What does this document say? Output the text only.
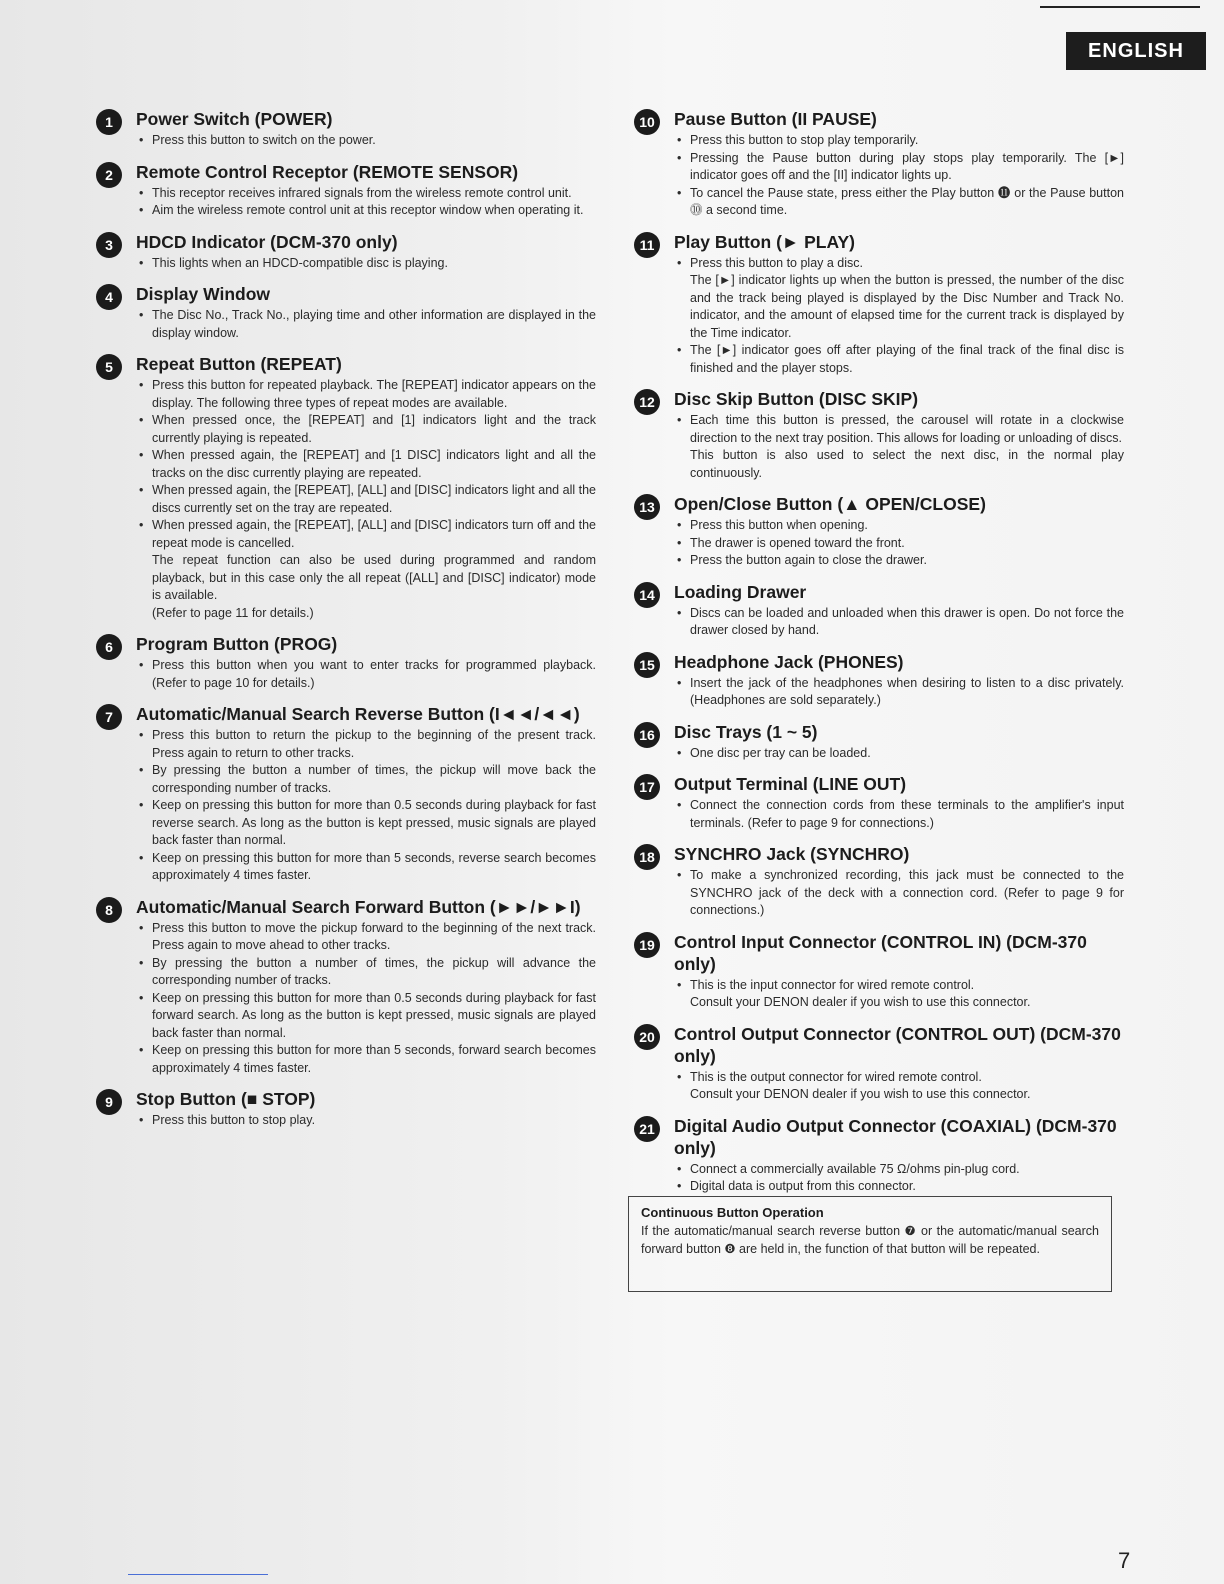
ENGLISH
1	Power Switch (POWER)
• Press this button to switch on the power.
2	Remote Control Receptor (REMOTE SENSOR)
• This receptor receives infrared signals from the wireless remote control unit.
• Aim the wireless remote control unit at this receptor window when operating it.
3	HDCD Indicator (DCM-370 only)
• This lights when an HDCD-compatible disc is playing.
4	Display Window
• The Disc No., Track No., playing time and other information are displayed in the display window.
5	Repeat Button (REPEAT)
• Press this button for repeated playback. The [REPEAT] indicator appears on the display. The following three types of repeat modes are available.
• When pressed once, the [REPEAT] and [1] indicators light and the track currently playing is repeated.
• When pressed again, the [REPEAT] and [1 DISC] indicators light and all the tracks on the disc currently playing are repeated.
• When pressed again, the [REPEAT], [ALL] and [DISC] indicators light and all the discs currently set on the tray are repeated.
• When pressed again, the [REPEAT], [ALL] and [DISC] indicators turn off and the repeat mode is cancelled.
The repeat function can also be used during programmed and random playback, but in this case only the all repeat ([ALL] and [DISC] indicator) mode is available.
(Refer to page 11 for details.)
6	Program Button (PROG)
• Press this button when you want to enter tracks for programmed playback. (Refer to page 10 for details.)
7	Automatic/Manual Search Reverse Button (I◄◄/◄◄)
• Press this button to return the pickup to the beginning of the present track. Press again to return to other tracks.
• By pressing the button a number of times, the pickup will move back the corresponding number of tracks.
• Keep on pressing this button for more than 0.5 seconds during playback for fast reverse search. As long as the button is kept pressed, music signals are played back faster than normal.
• Keep on pressing this button for more than 5 seconds, reverse search becomes approximately 4 times faster.
8	Automatic/Manual Search Forward Button (►►/►►I)
• Press this button to move the pickup forward to the beginning of the next track. Press again to move ahead to other tracks.
• By pressing the button a number of times, the pickup will advance the corresponding number of tracks.
• Keep on pressing this button for more than 0.5 seconds during playback for fast forward search. As long as the button is kept pressed, music signals are played back faster than normal.
• Keep on pressing this button for more than 5 seconds, forward search becomes approximately 4 times faster.
9	Stop Button (■ STOP)
• Press this button to stop play.
10 Pause Button (II PAUSE)
• Press this button to stop play temporarily.
• Pressing the Pause button during play stops play temporarily. The [►] indicator goes off and the [II] indicator lights up.
• To cancel the Pause state, press either the Play button ⓫ or the Pause button ⓾ a second time.
11	Play Button (► PLAY)
• Press this button to play a disc.
The [►] indicator lights up when the button is pressed, the number of the disc and the track being played is displayed by the Disc Number and Track No. indicator, and the amount of elapsed time for the current track is displayed by the Time indicator.
• The [►] indicator goes off after playing of the final track of the final disc is finished and the player stops.
12 Disc Skip Button (DISC SKIP)
• Each time this button is pressed, the carousel will rotate in a clockwise direction to the next tray position. This allows for loading or unloading of discs.
This button is also used to select the next disc, in the normal play continuously.
13 Open/Close Button (▲ OPEN/CLOSE)
• Press this button when opening.
• The drawer is opened toward the front.
• Press the button again to close the drawer.
14 Loading Drawer
• Discs can be loaded and unloaded when this drawer is open. Do not force the drawer closed by hand.
15 Headphone Jack (PHONES)
• Insert the jack of the headphones when desiring to listen to a disc privately. (Headphones are sold separately.)
16 Disc Trays (1 ~ 5)
• One disc per tray can be loaded.
17 Output Terminal (LINE OUT)
• Connect the connection cords from these terminals to the amplifier's input terminals. (Refer to page 9 for connections.)
18 SYNCHRO Jack (SYNCHRO)
• To make a synchronized recording, this jack must be connected to the SYNCHRO jack of the deck with a connection cord. (Refer to page 9 for connections.)
19 Control Input Connector (CONTROL IN) (DCM-370 only)
• This is the input connector for wired remote control.
Consult your DENON dealer if you wish to use this connector.
20 Control Output Connector (CONTROL OUT) (DCM-370 only)
• This is the output connector for wired remote control.
Consult your DENON dealer if you wish to use this connector.
21 Digital Audio Output Connector (COAXIAL) (DCM-370 only)
• Connect a commercially available 75 Ω/ohms pin-plug cord.
• Digital data is output from this connector.
Continuous Button Operation
If the automatic/manual search reverse button ❼ or the automatic/manual search forward button ❽ are held in, the function of that button will be repeated.
7
